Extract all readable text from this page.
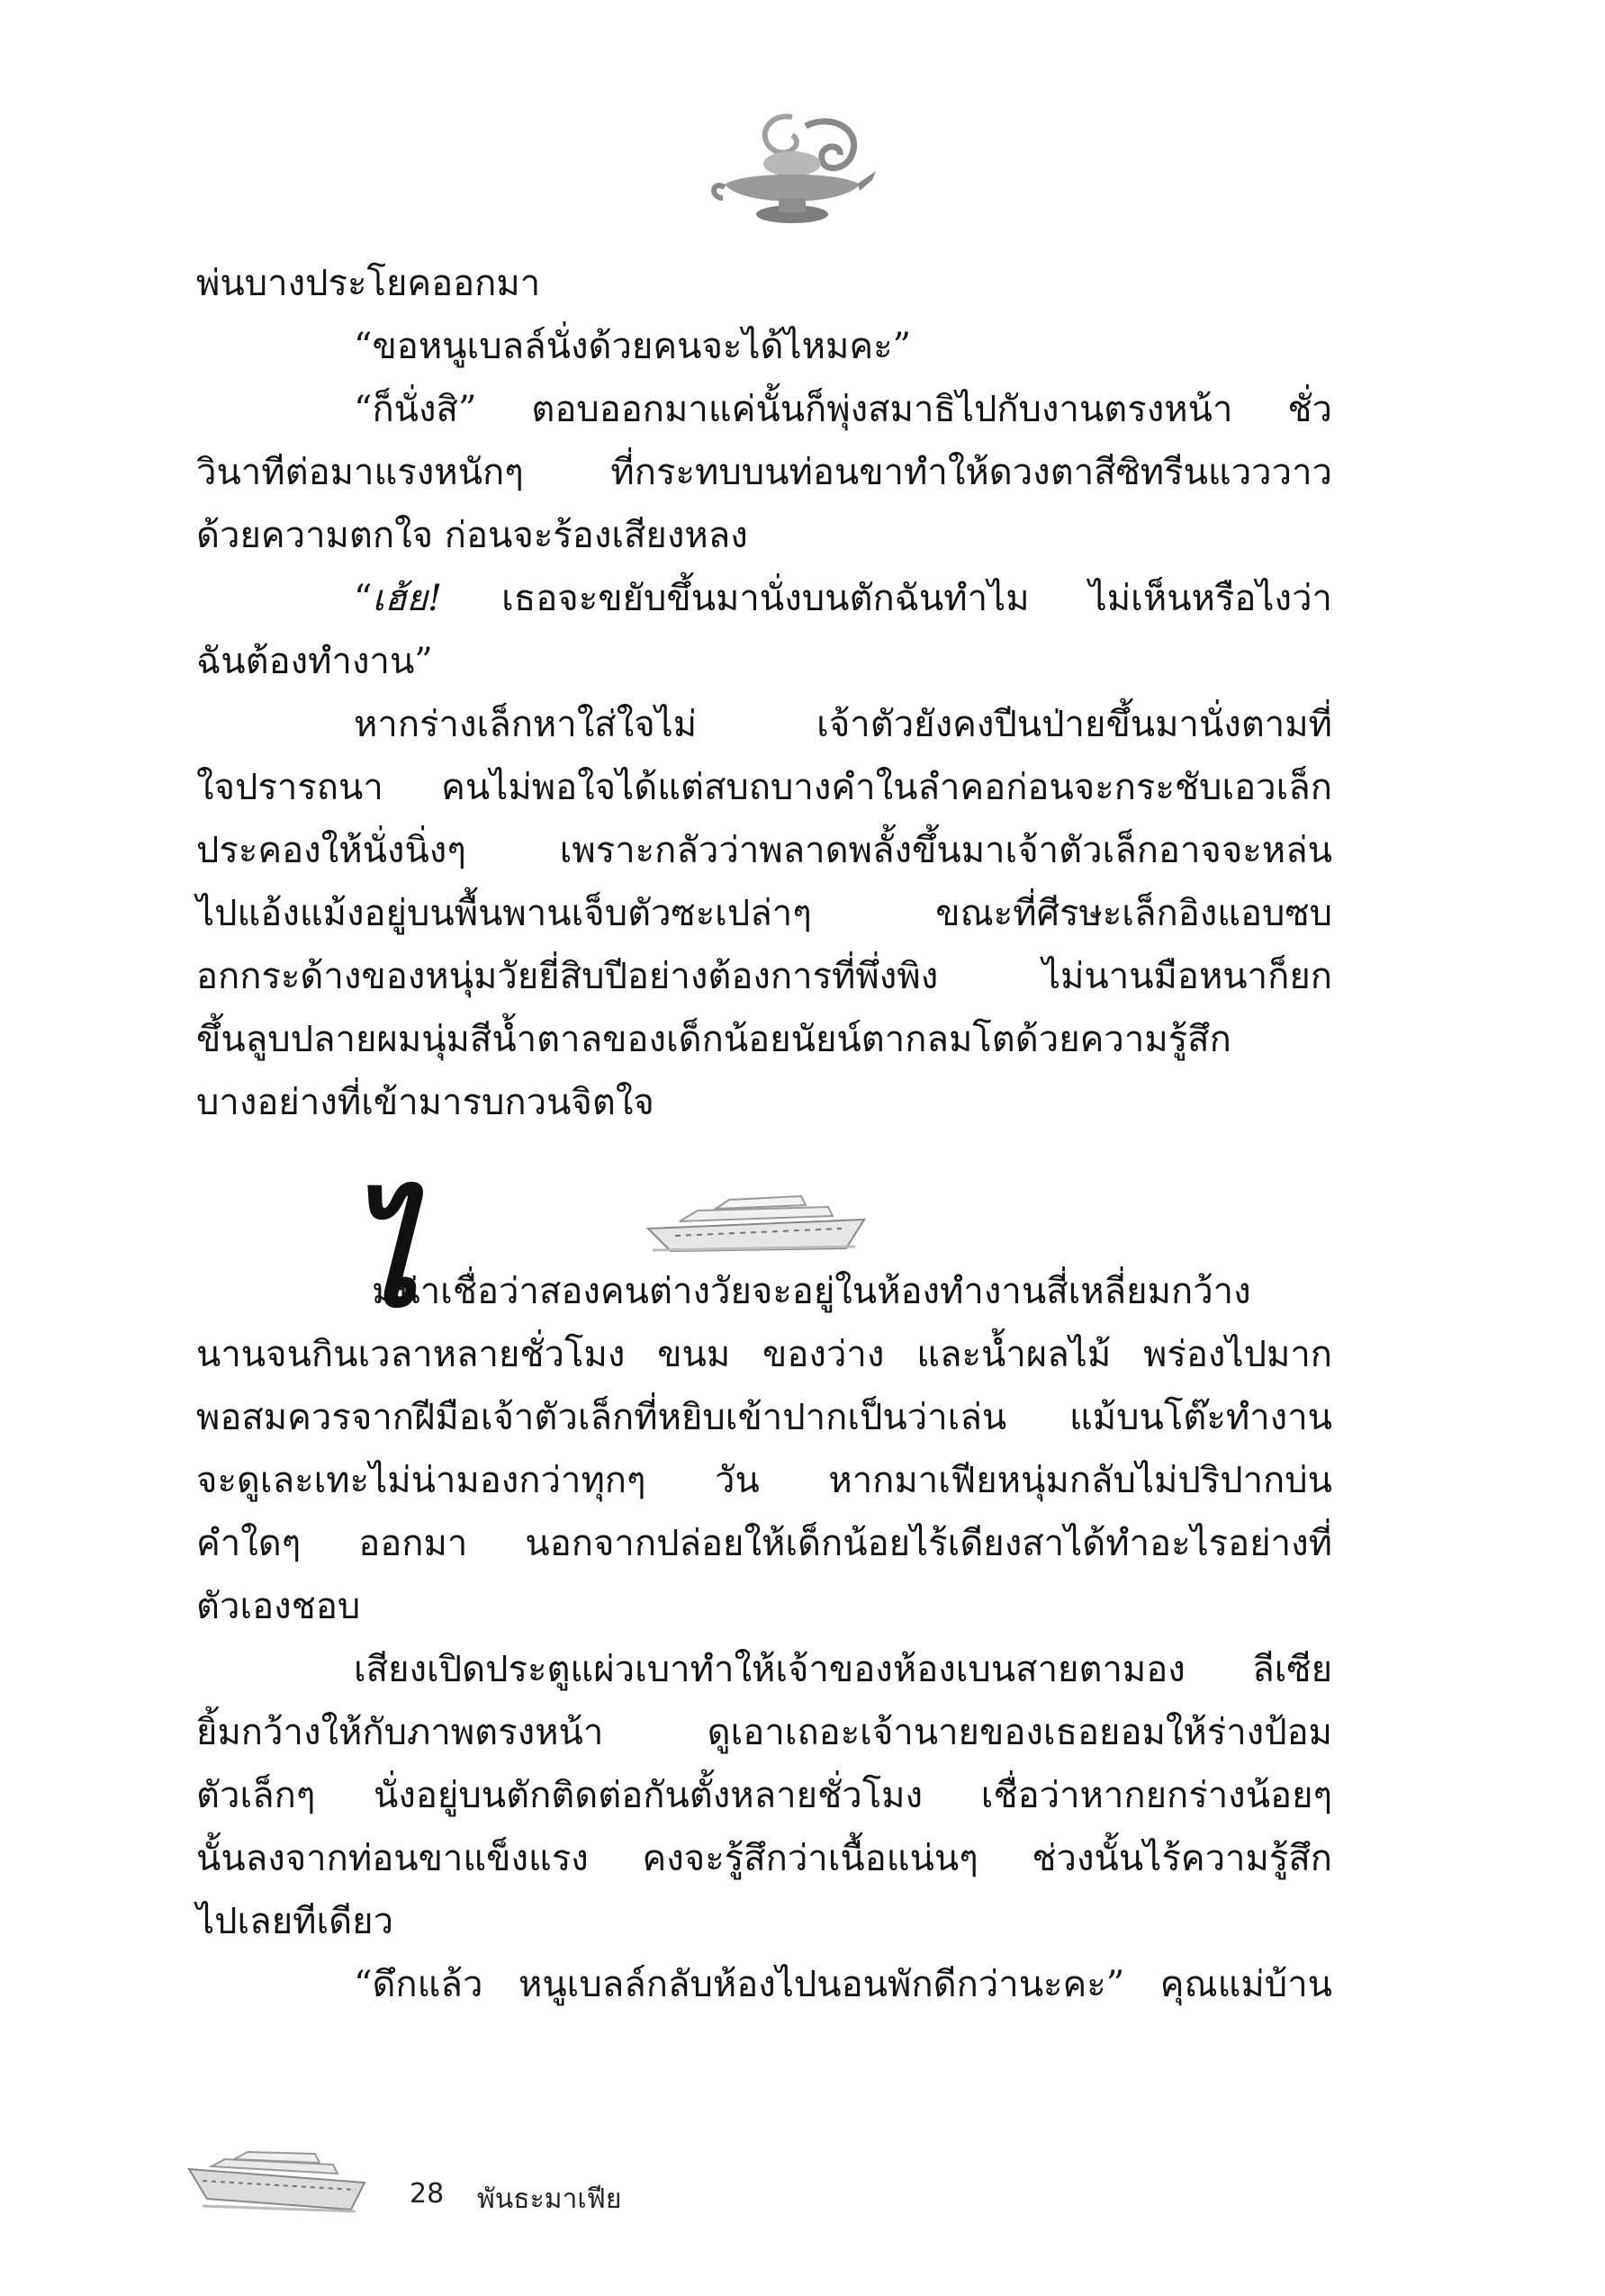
พ่นบางประโยคออกมา
“ขอหนูเบลล์นั่งด้วยคนจะได้ไหมคะ”
“ก็นั่งสิ” ตอบออกมาแค่นั้นก็พุ่งสมาธิไปกับงานตรงหน้า ชั่ว
วินาทีต่อมาแรงหนักๆ ที่กระทบบนท่อนขาทำให้ดวงตาสีซิทรีนแวววาว
ด้วยความตกใจ ก่อนจะร้องเสียงหลง
“เฮ้ย! เธอจะขยับขึ้นมานั่งบนตักฉันทำไม ไม่เห็นหรือไงว่า
ฉันต้องทำงาน”
หากร่างเล็กหาใส่ใจไม่ เจ้าตัวยังคงปีนป่ายขึ้นมานั่งตามที่
ใจปรารถนา คนไม่พอใจได้แต่สบถบางคำในลำคอก่อนจะกระชับเอวเล็ก
ประคองให้นั่งนิ่งๆ เพราะกลัวว่าพลาดพลั้งขึ้นมาเจ้าตัวเล็กอาจจะหล่น
ไปแอ้งแม้งอยู่บนพื้นพานเจ็บตัวซะเปล่าๆ ขณะที่ศีรษะเล็กอิงแอบซบ
อกกระด้างของหนุ่มวัยยี่สิบปีอย่างต้องการที่พึ่งพิง ไม่นานมือหนาก็ยก
ขึ้นลูบปลายผมนุ่มสีน้ำตาลของเด็กน้อยนัยน์ตากลมโตด้วยความรู้สึก
บางอย่างที่เข้ามารบกวนจิตใจ
ม่น่าเชื่อว่าสองคนต่างวัยจะอยู่ในห้องทำงานสี่เหลี่ยมกว้าง
นานจนกินเวลาหลายชั่วโมง ขนม ของว่าง และน้ำผลไม้ พร่องไปมาก
พอสมควรจากฝีมือเจ้าตัวเล็กที่หยิบเข้าปากเป็นว่าเล่น แม้บนโต๊ะทำงาน
จะดูเละเทะไม่น่ามองกว่าทุกๆ วัน หากมาเฟียหนุ่มกลับไม่ปริปากบ่น
คำใดๆ ออกมา นอกจากปล่อยให้เด็กน้อยไร้เดียงสาได้ทำอะไรอย่างที่
ตัวเองชอบ
เสียงเปิดประตูแผ่วเบาทำให้เจ้าของห้องเบนสายตามอง ลีเซีย
ยิ้มกว้างให้กับภาพตรงหน้า ดูเอาเถอะเจ้านายของเธอยอมให้ร่างป้อม
ตัวเล็กๆ นั่งอยู่บนตักติดต่อกันตั้งหลายชั่วโมง เชื่อว่าหากยกร่างน้อยๆ
นั้นลงจากท่อนขาแข็งแรง คงจะรู้สึกว่าเนื้อแน่นๆ ช่วงนั้นไร้ความรู้สึก
ไปเลยทีเดียว
“ดึกแล้ว หนูเบลล์กลับห้องไปนอนพักดีกว่านะคะ” คุณแม่บ้าน
ไ
28 พันธะมาเฟีย
